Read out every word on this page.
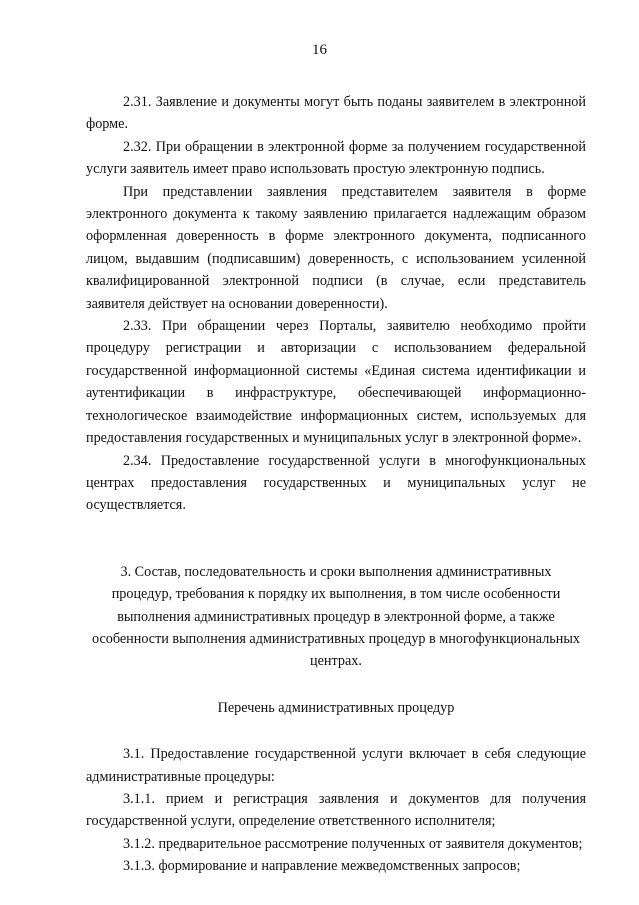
16

2.31. Заявление и документы могут быть поданы заявителем в электронной форме.

2.32. При обращении в электронной форме за получением государственной услуги заявитель имеет право использовать простую электронную подпись.

При представлении заявления представителем заявителя в форме электронного документа к такому заявлению прилагается надлежащим образом оформленная доверенность в форме электронного документа, подписанного лицом, выдавшим (подписавшим) доверенность, с использованием усиленной квалифицированной электронной подписи (в случае, если представитель заявителя действует на основании доверенности).

2.33. При обращении через Порталы, заявителю необходимо пройти процедуру регистрации и авторизации с использованием федеральной государственной информационной системы «Единая система идентификации и аутентификации в инфраструктуре, обеспечивающей информационно-технологическое взаимодействие информационных систем, используемых для предоставления государственных и муниципальных услуг в электронной форме».

2.34. Предоставление государственной услуги в многофункциональных центрах предоставления государственных и муниципальных услуг не осуществляется.

3. Состав, последовательность и сроки выполнения административных процедур, требования к порядку их выполнения, в том числе особенности выполнения административных процедур в электронной форме, а также особенности выполнения административных процедур в многофункциональных центрах.

Перечень административных процедур

3.1. Предоставление государственной услуги включает в себя следующие административные процедуры:

3.1.1. прием и регистрация заявления и документов для получения государственной услуги, определение ответственного исполнителя;

3.1.2. предварительное рассмотрение полученных от заявителя документов;

3.1.3. формирование и направление межведомственных запросов;
